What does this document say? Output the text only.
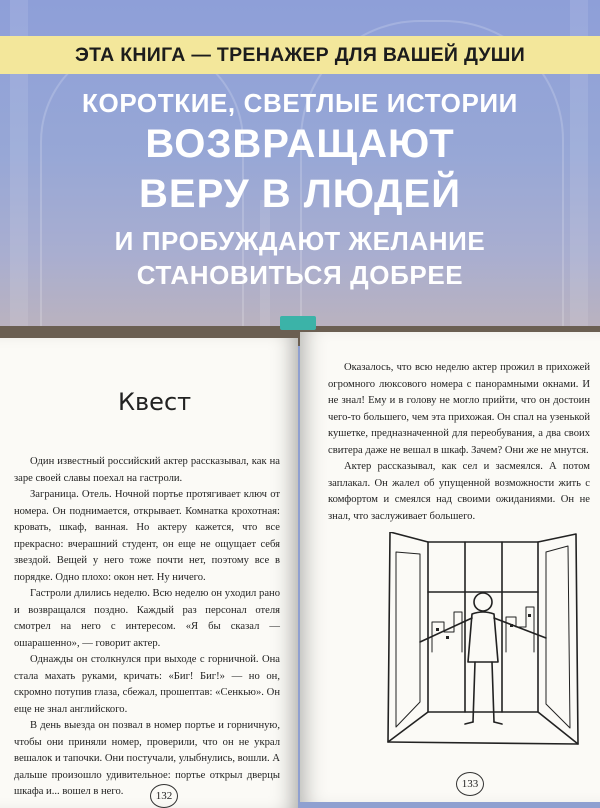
ЭТА КНИГА — ТРЕНАЖЕР ДЛЯ ВАШЕЙ ДУШИ
КОРОТКИЕ, СВЕТЛЫЕ ИСТОРИИ
ВОЗВРАЩАЮТ
ВЕРУ В ЛЮДЕЙ
И ПРОБУЖДАЮТ ЖЕЛАНИЕ
СТАНОВИТЬСЯ ДОБРЕЕ
Квест

Один известный российский актер рассказывал, как на заре своей славы поехал на гастроли.

Заграница. Отель. Ночной портье протягивает ключ от номера. Он поднимается, открывает. Комнатка крохотная: кровать, шкаф, ванная. Но актеру кажется, что все прекрасно: вчерашний студент, он еще не ощущает себя звездой. Вещей у него тоже почти нет, поэтому все в порядке. Одно плохо: окон нет. Ну ничего.

Гастроли длились неделю. Всю неделю он уходил рано и возвращался поздно. Каждый раз персонал отеля смотрел на него с интересом. «Я бы сказал — ошарашенно», — говорит актер.

Однажды он столкнулся при выходе с горничной. Она стала махать руками, кричать: «Биг! Биг!» — но он, скромно потупив глаза, сбежал, прошептав: «Сенкью». Он еще не знал английского.

В день выезда он позвал в номер портье и горничную, чтобы они приняли номер, проверили, что он не украл вешалок и тапочки. Они постучали, улыбнулись, вошли. А дальше произошло удивительное: портье открыл дверцы шкафа и... вошел в него.	132

Оказалось, что всю неделю актер прожил в прихожей огромного люксового номера с панорамными окнами. И не знал! Ему и в голову не могло прийти, что он достоин чего-то большего, чем эта прихожая. Он спал на узенькой кушетке, предназначенной для переобувания, а два своих свитера даже не вешал в шкаф. Зачем? Они же не мнутся.

Актер рассказывал, как сел и засмеялся. А потом заплакал. Он жалел об упущенной возможности жить с комфортом и смеялся над своими ожиданиями. Он не знал, что заслуживает большего.

133
